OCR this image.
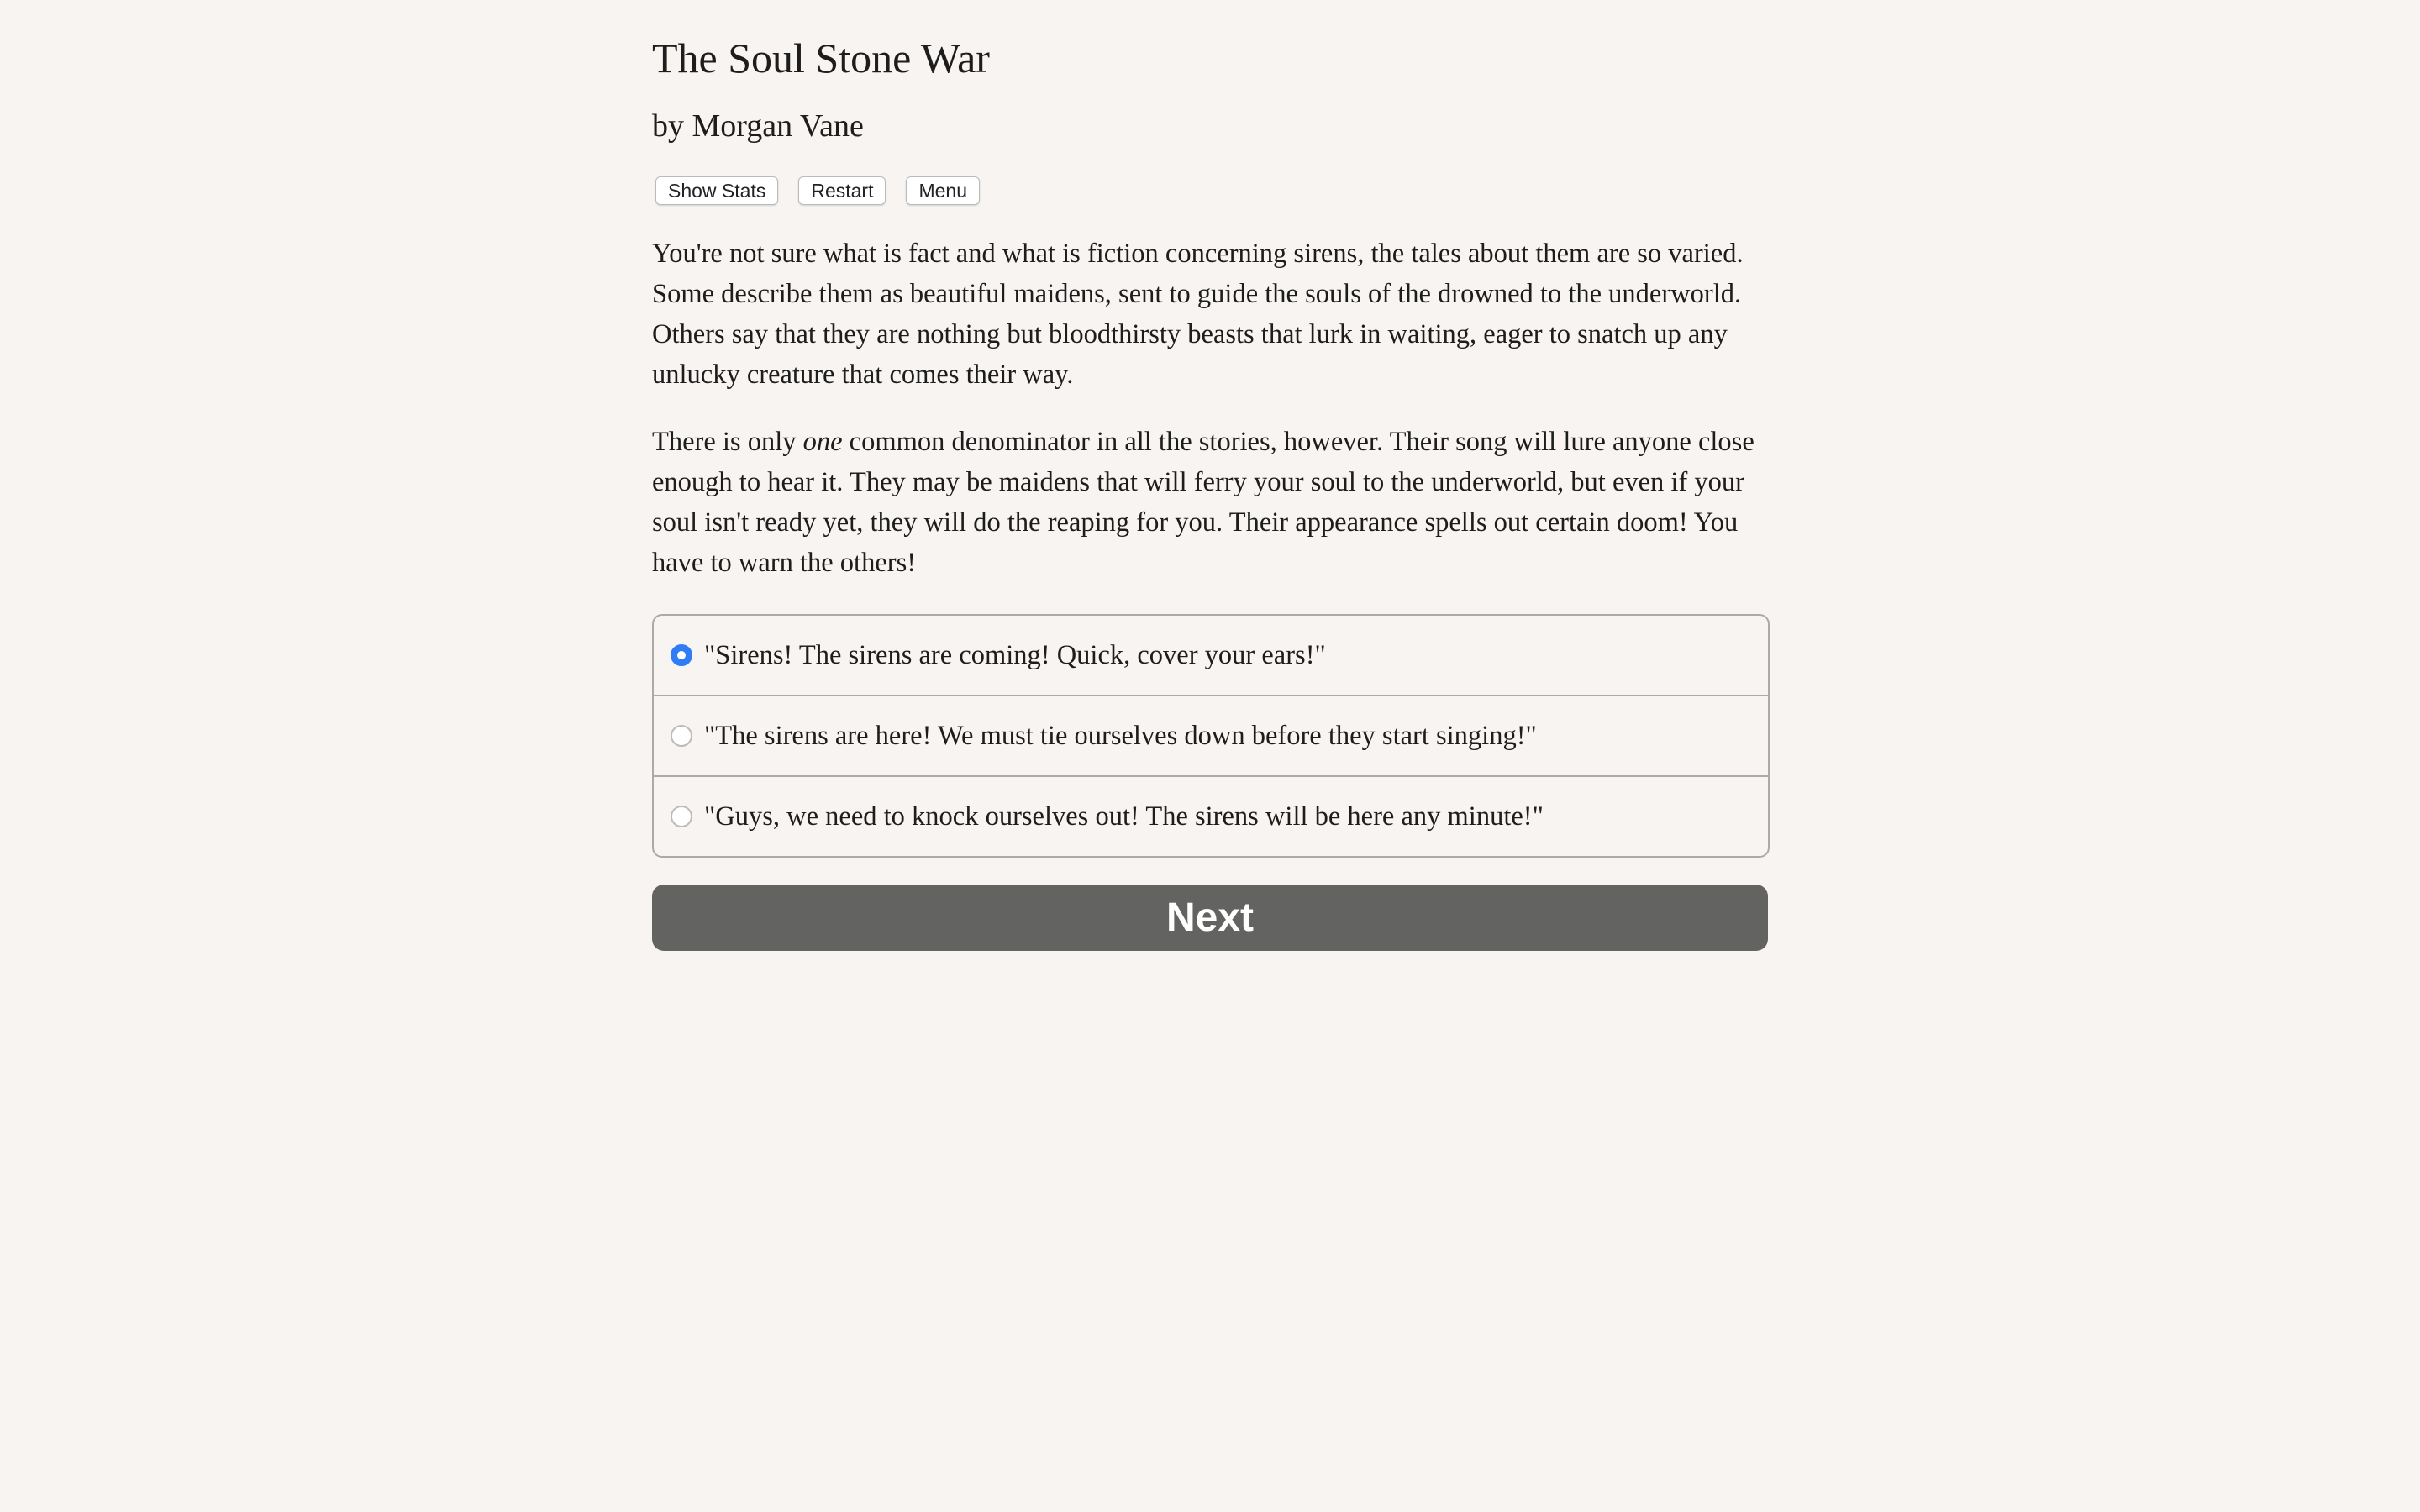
The Soul Stone War
by Morgan Vane
Show Stats	Restart	Menu

You're not sure what is fact and what is fiction concerning sirens, the tales about them are so varied. Some describe them as beautiful maidens, sent to guide the souls of the drowned to the underworld. Others say that they are nothing but bloodthirsty beasts that lurk in waiting, eager to snatch up any unlucky creature that comes their way.

There is only one common denominator in all the stories, however. Their song will lure anyone close enough to hear it. They may be maidens that will ferry your soul to the underworld, but even if your soul isn't ready yet, they will do the reaping for you. Their appearance spells out certain doom! You have to warn the others!

"Sirens! The sirens are coming! Quick, cover your ears!"
"The sirens are here! We must tie ourselves down before they start singing!"
"Guys, we need to knock ourselves out! The sirens will be here any minute!"
Next
